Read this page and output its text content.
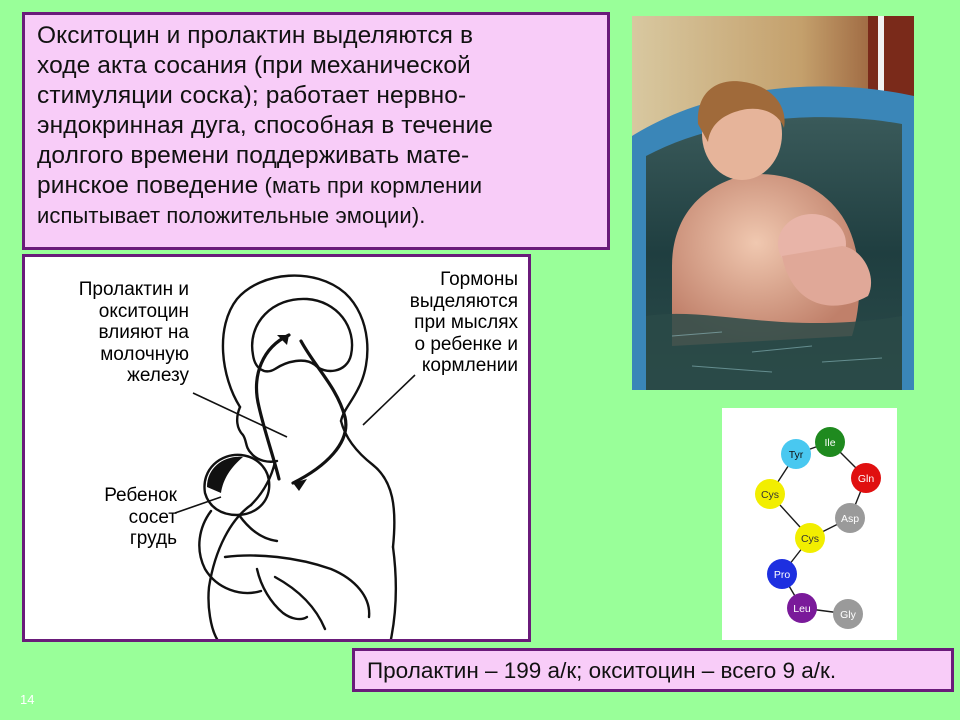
Окситоцин и пролактин выделяются в

ходе акта сосания (при механической

стимуляции соска); работает нервно-

эндокринная дуга, способная в течение

долгого времени поддерживать мате-

ринское поведение (мать при кормлении

испытывает положительные эмоции).

Пролактин и
окситоцин
влияют на
молочную
железу
Гормоны
выделяются
при мыслях
о ребенке и
кормлении
Ребенок
сосет
грудь
Tyr
Ile
Gln
Asp
Cys
Cys
Pro
Leu	Gly
Пролактин – 199 а/к; окситоцин – всего 9 а/к.
14
